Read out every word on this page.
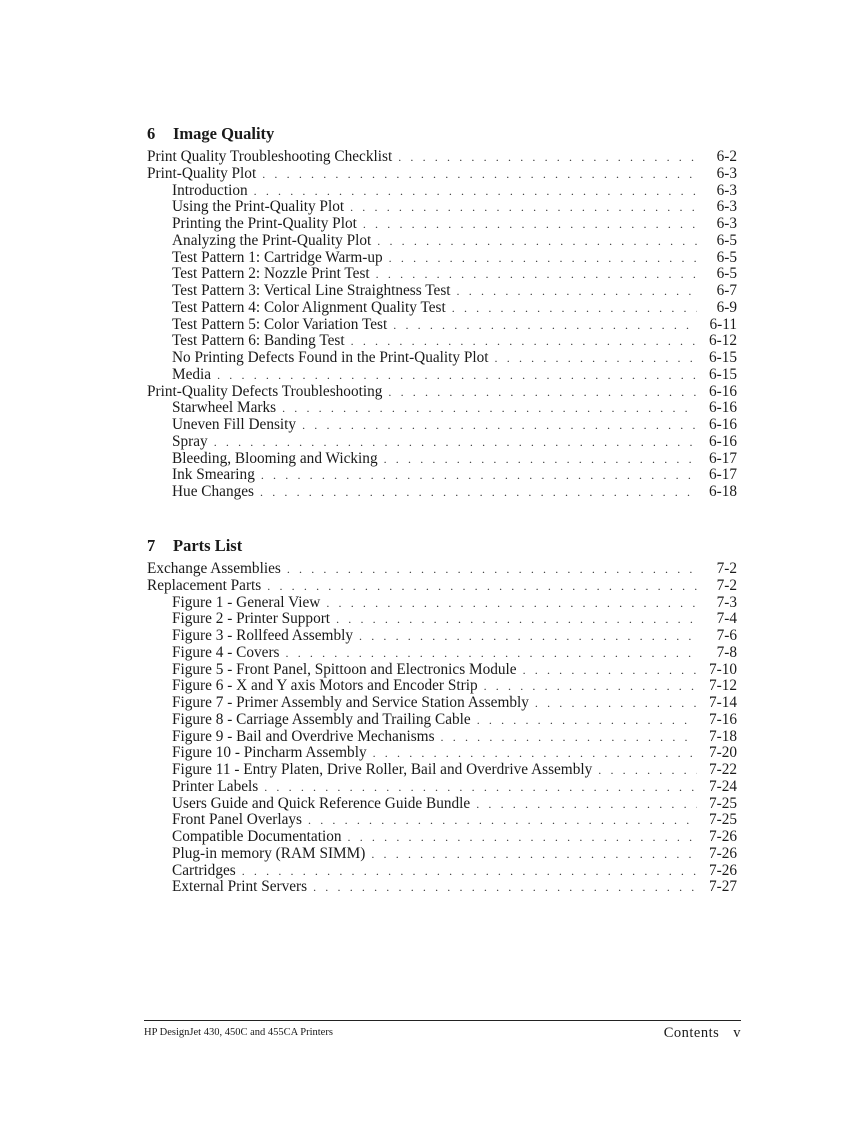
6 Image Quality
Print Quality Troubleshooting Checklist . . .	6-2
Print-Quality Plot . . .	6-3
Introduction . . .	6-3
Using the Print-Quality Plot . . .	6-3
Printing the Print-Quality Plot . . .	6-3
Analyzing the Print-Quality Plot . . .	6-5
Test Pattern 1: Cartridge Warm-up . . .	6-5
Test Pattern 2: Nozzle Print Test . . .	6-5
Test Pattern 3: Vertical Line Straightness Test . . .	6-7
Test Pattern 4: Color Alignment Quality Test . . .	6-9
Test Pattern 5: Color Variation Test . . .	6-11
Test Pattern 6: Banding Test . . .	6-12
No Printing Defects Found in the Print-Quality Plot . . .	6-15
Media . . .	6-15
Print-Quality Defects Troubleshooting . . .	6-16
Starwheel Marks . . .	6-16
Uneven Fill Density . . .	6-16
Spray . . .	6-16
Bleeding, Blooming and Wicking . . .	6-17
Ink Smearing . . .	6-17
Hue Changes . . .	6-18
7 Parts List
Exchange Assemblies . . .	7-2
Replacement Parts . . .	7-2
Figure 1 - General View . . .	7-3
Figure 2 - Printer Support . . .	7-4
Figure 3 - Rollfeed Assembly . . .	7-6
Figure 4 - Covers . . .	7-8
Figure 5 - Front Panel, Spittoon and Electronics Module . . .	7-10
Figure 6 - X and Y axis Motors and Encoder Strip . . .	7-12
Figure 7 - Primer Assembly and Service Station Assembly . . .	7-14
Figure 8 - Carriage Assembly and Trailing Cable . . .	7-16
Figure 9 - Bail and Overdrive Mechanisms . . .	7-18
Figure 10 - Pincharm Assembly . . .	7-20
Figure 11 - Entry Platen, Drive Roller, Bail and Overdrive Assembly . . .	7-22
Printer Labels . . .	7-24
Users Guide and Quick Reference Guide Bundle . . .	7-25
Front Panel Overlays . . .	7-25
Compatible Documentation . . .	7-26
Plug-in memory (RAM SIMM) . . .	7-26
Cartridges . . .	7-26
External Print Servers . . .	7-27
HP DesignJet 430, 450C and 455CA Printers	Contents v
